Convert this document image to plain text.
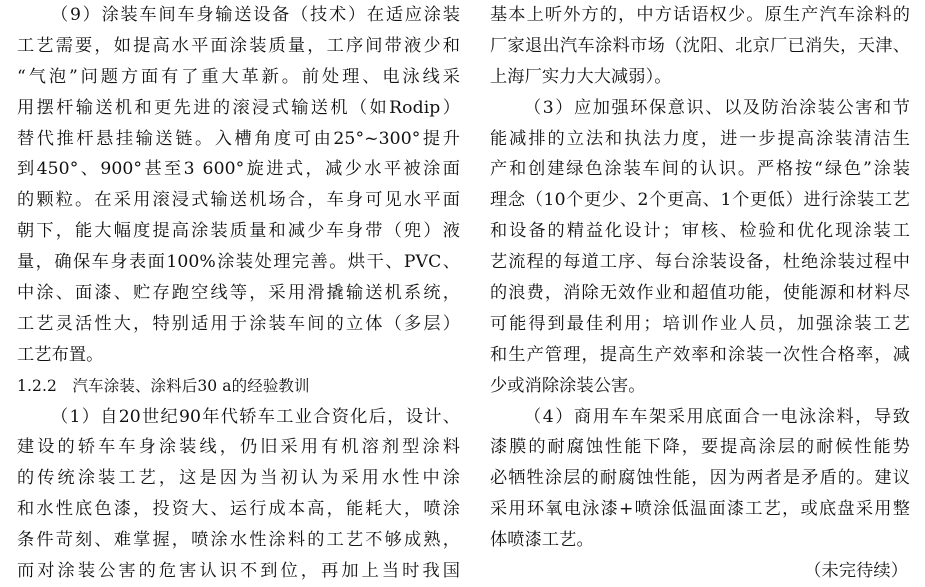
（9）涂装车间车身输送设备（技术）在适应涂装
工艺需要，如提高水平面涂装质量，工序间带液少和
“气泡”问题方面有了重大革新。前处理、电泳线采
用摆杆输送机和更先进的滚浸式输送机（如Rodip）
替代推杆悬挂输送链。入槽角度可由25°~300°提升
到450°、900°甚至3 600°旋进式，减少水平被涂面
的颗粒。在采用滚浸式输送机场合，车身可见水平面
朝下，能大幅度提高涂装质量和减少车身带（兜）液
量，确保车身表面100%涂装处理完善。烘干、PVC、
中涂、面漆、贮存跑空线等，采用滑撬输送机系统，
工艺灵活性大，特别适用于涂装车间的立体（多层）
工艺布置。
1.2.2　汽车涂装、涂料后30 a的经验教训
（1）自20世纪90年代轿车工业合资化后，设计、
建设的轿车车身涂装线，仍旧采用有机溶剂型涂料
的传统涂装工艺，这是因为当初认为采用水性中涂
和水性底色漆，投资大、运行成本高，能耗大，喷涂
条件苛刻、难掌握，喷涂水性涂料的工艺不够成熟，
而对涂装公害的危害认识不到位，再加上当时我国
基本上听外方的，中方话语权少。原生产汽车涂料的
厂家退出汽车涂料市场（沈阳、北京厂已消失，天津、
上海厂实力大大减弱）。
（3）应加强环保意识、以及防治涂装公害和节
能减排的立法和执法力度，进一步提高涂装清洁生
产和创建绿色涂装车间的认识。严格按“绿色”涂装
理念（10个更少、2个更高、1个更低）进行涂装工艺
和设备的精益化设计；审核、检验和优化现涂装工
艺流程的每道工序、每台涂装设备，杜绝涂装过程中
的浪费，消除无效作业和超值功能，使能源和材料尽
可能得到最佳利用；培训作业人员，加强涂装工艺
和生产管理，提高生产效率和涂装一次性合格率，减
少或消除涂装公害。
（4）商用车车架采用底面合一电泳涂料，导致
漆膜的耐腐蚀性能下降，要提高涂层的耐候性能势
必牺牲涂层的耐腐蚀性能，因为两者是矛盾的。建议
采用环氧电泳漆+喷涂低温面漆工艺，或底盘采用整
体喷漆工艺。
（未完待续）
